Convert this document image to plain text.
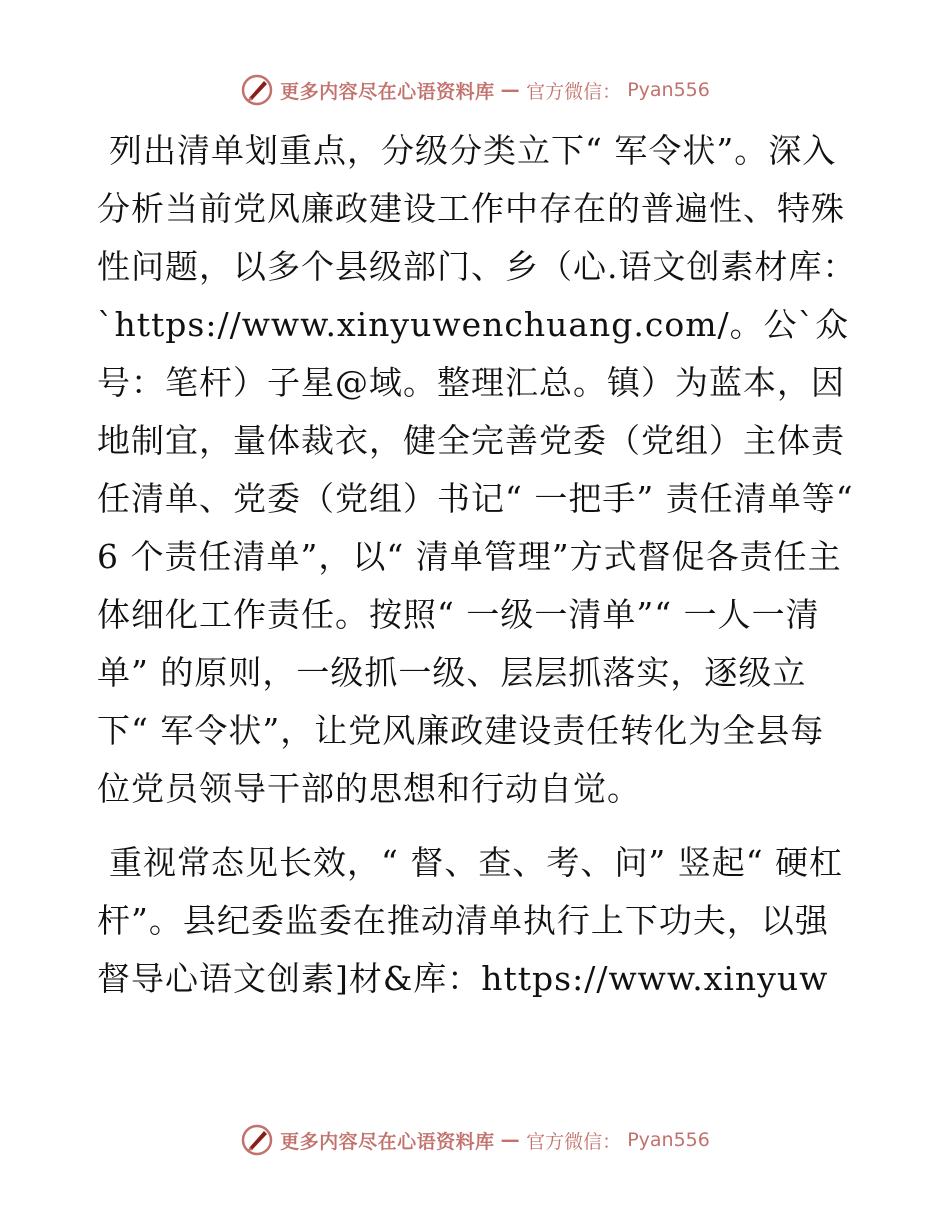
更多内容尽在心语资料库 — 官方微信： Pyan556

列出清单划重点，分级分类立下“ 军令状”。深入分析当前党风廉政建设工作中存在的普遍性、特殊性问题，以多个县级部门、乡（心.语文创素材库：`https://www.xinyuwenchuang.com/。公`众号：笔杆）子星@域。整理汇总。镇）为蓝本，因地制宜，量体裁衣，健全完善党委（党组）主体责任清单、党委（党组）书记“ 一把手” 责任清单等“ 6 个责任清单”，以“ 清单管理”方式督促各责任主体细化工作责任。按照“ 一级一清单”“ 一人一清单” 的原则，一级抓一级、层层抓落实，逐级立下“ 军令状”，让党风廉政建设责任转化为全县每位党员领导干部的思想和行动自觉。

重视常态见长效，“ 督、查、考、问” 竖起“ 硬杠杆”。县纪委监委在推动清单执行上下功夫，以强督导心语文创素]材&库：https://www.xinyuw

更多内容尽在心语资料库 — 官方微信： Pyan556
